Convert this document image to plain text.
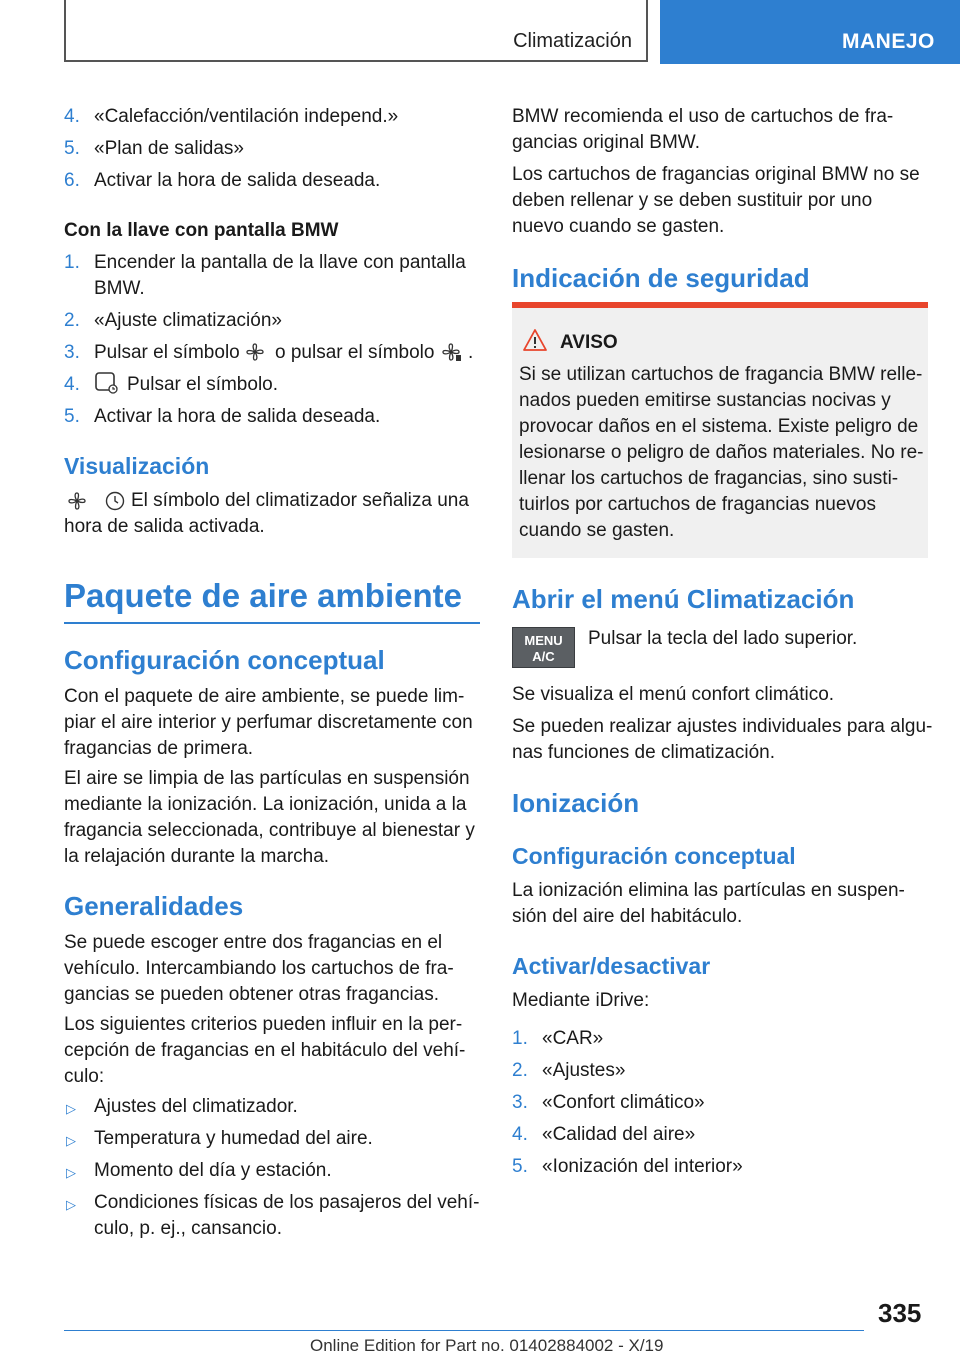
Climatización	MANEJO
4. «Calefacción/ventilación independ.»
5. «Plan de salidas»
6. Activar la hora de salida deseada.
Con la llave con pantalla BMW
1. Encender la pantalla de la llave con pantalla
BMW.
2. «Ajuste climatización»
3. Pulsar el símbolo o pulsar el símbolo .
4. Pulsar el símbolo.
5. Activar la hora de salida deseada.
Visualización
El símbolo del climatizador señaliza una
hora de salida activada.
Paquete de aire ambiente
Configuración conceptual
Con el paquete de aire ambiente, se puede lim-
piar el aire interior y perfumar discretamente con
fragancias de primera.
El aire se limpia de las partículas en suspensión
mediante la ionización. La ionización, unida a la
fragancia seleccionada, contribuye al bienestar y
la relajación durante la marcha.
Generalidades
Se puede escoger entre dos fragancias en el
vehículo. Intercambiando los cartuchos de fra-
gancias se pueden obtener otras fragancias.
Los siguientes criterios pueden influir en la per-
cepción de fragancias en el habitáculo del vehí-
culo:
▷ Ajustes del climatizador.
▷ Temperatura y humedad del aire.
▷ Momento del día y estación.
▷ Condiciones físicas de los pasajeros del vehí-
culo, p. ej., cansancio.
BMW recomienda el uso de cartuchos de fra-
gancias original BMW.
Los cartuchos de fragancias original BMW no se
deben rellenar y se deben sustituir por uno
nuevo cuando se gasten.
Indicación de seguridad
AVISO
Si se utilizan cartuchos de fragancia BMW relle-
nados pueden emitirse sustancias nocivas y
provocar daños en el sistema. Existe peligro de
lesionarse o peligro de daños materiales. No re-
llenar los cartuchos de fragancias, sino susti-
tuirlos por cartuchos de fragancias nuevos
cuando se gasten.
Abrir el menú Climatización
MENU
A/C
Pulsar la tecla del lado superior.
Se visualiza el menú confort climático.
Se pueden realizar ajustes individuales para algu-
nas funciones de climatización.
Ionización
Configuración conceptual
La ionización elimina las partículas en suspen-
sión del aire del habitáculo.
Activar/desactivar
Mediante iDrive:
1. «CAR»
2. «Ajustes»
3. «Confort climático»
4. «Calidad del aire»
5. «Ionización del interior»
335
Online Edition for Part no. 01402884002 - X/19
